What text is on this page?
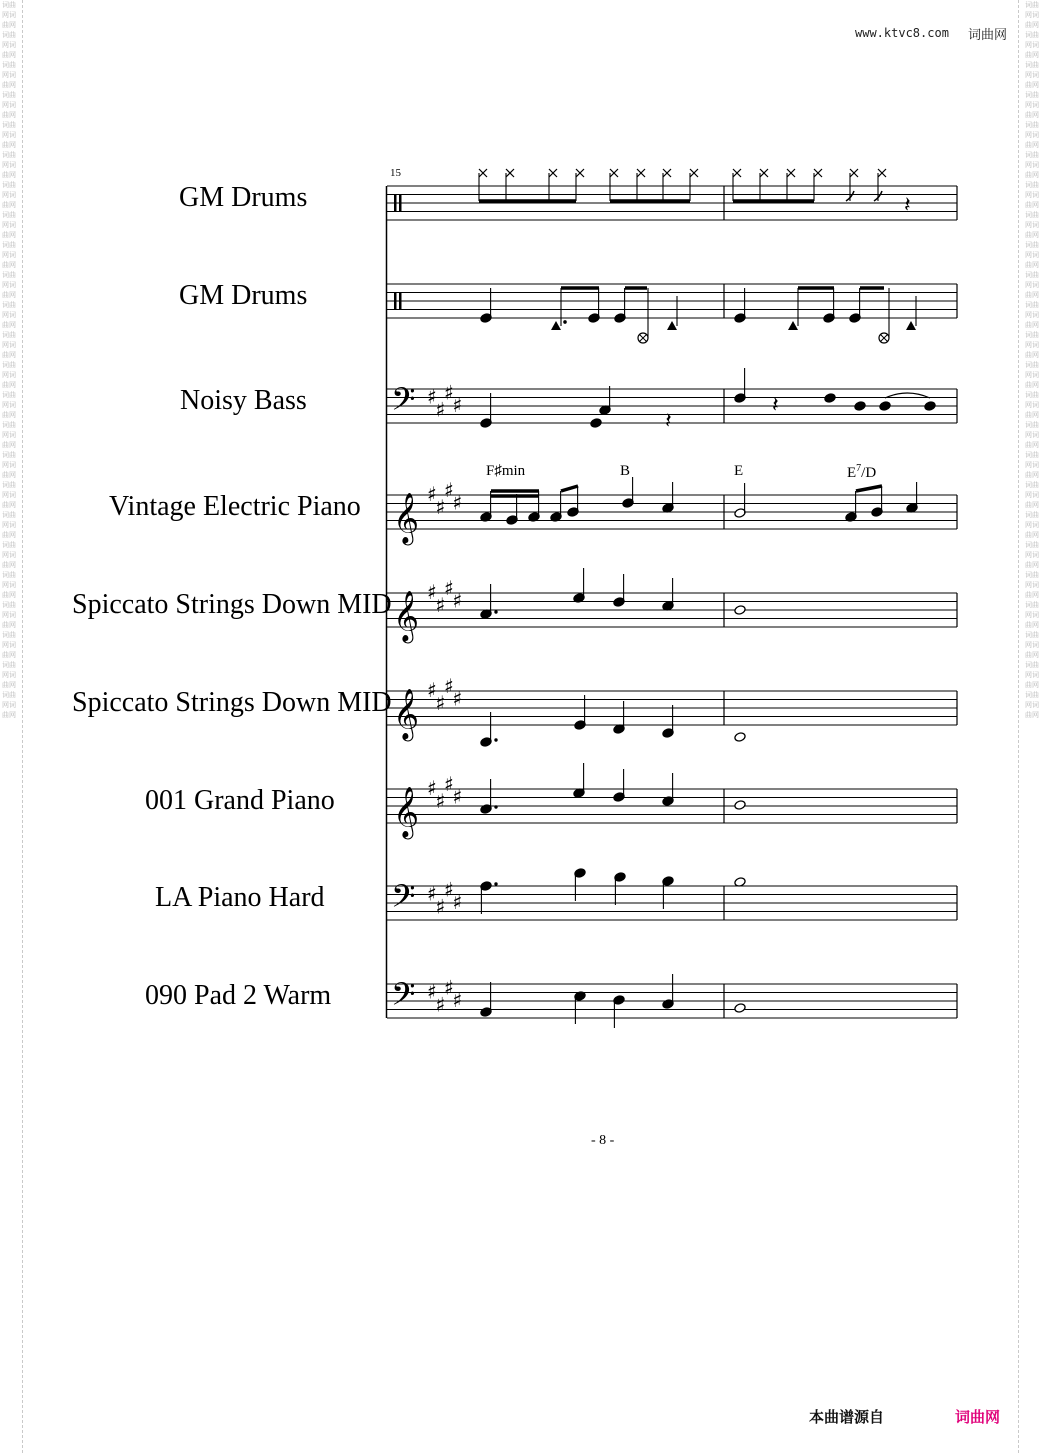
词曲网词曲网词曲网词曲网词曲网词曲网词曲网词曲网词曲网词曲网词曲网词曲网词曲网词曲网词曲网词曲网词曲网词曲网词曲网词曲网词曲网词曲网词曲网词曲网词曲网词曲网词曲网词曲网词曲网词曲网词曲网词曲网词曲网词曲网词曲网词曲网词曲网词曲网词曲网词曲网词曲网词曲网词曲网词曲网词曲网词曲网词曲网词曲网
词曲网词曲网词曲网词曲网词曲网词曲网词曲网词曲网词曲网词曲网词曲网词曲网词曲网词曲网词曲网词曲网词曲网词曲网词曲网词曲网词曲网词曲网词曲网词曲网词曲网词曲网词曲网词曲网词曲网词曲网词曲网词曲网词曲网词曲网词曲网词曲网词曲网词曲网词曲网词曲网词曲网词曲网词曲网词曲网词曲网词曲网词曲网词曲网
www.ktvc8.com 词曲网
15
GM Drums
GM Drums
Noisy Bass
Vintage Electric Piano
Spiccato Strings Down MID
Spiccato Strings Down MID
001 Grand Piano
LA Piano Hard
090 Pad 2 Warm
F♯min	B	E	$E^7/D$
𝄢 ♯
♯
♯
♯
𝄞 ♯
♯
♯
♯
𝄞 ♯
♯
♯
♯
𝄞 ♯
♯
♯
♯
𝄞 ♯
♯
♯
♯
𝄢 ♯
♯
♯
♯
𝄢 ♯
♯
♯
♯
𝄽
𝄽
𝄽
- 8 -
本曲谱源自	词曲网
